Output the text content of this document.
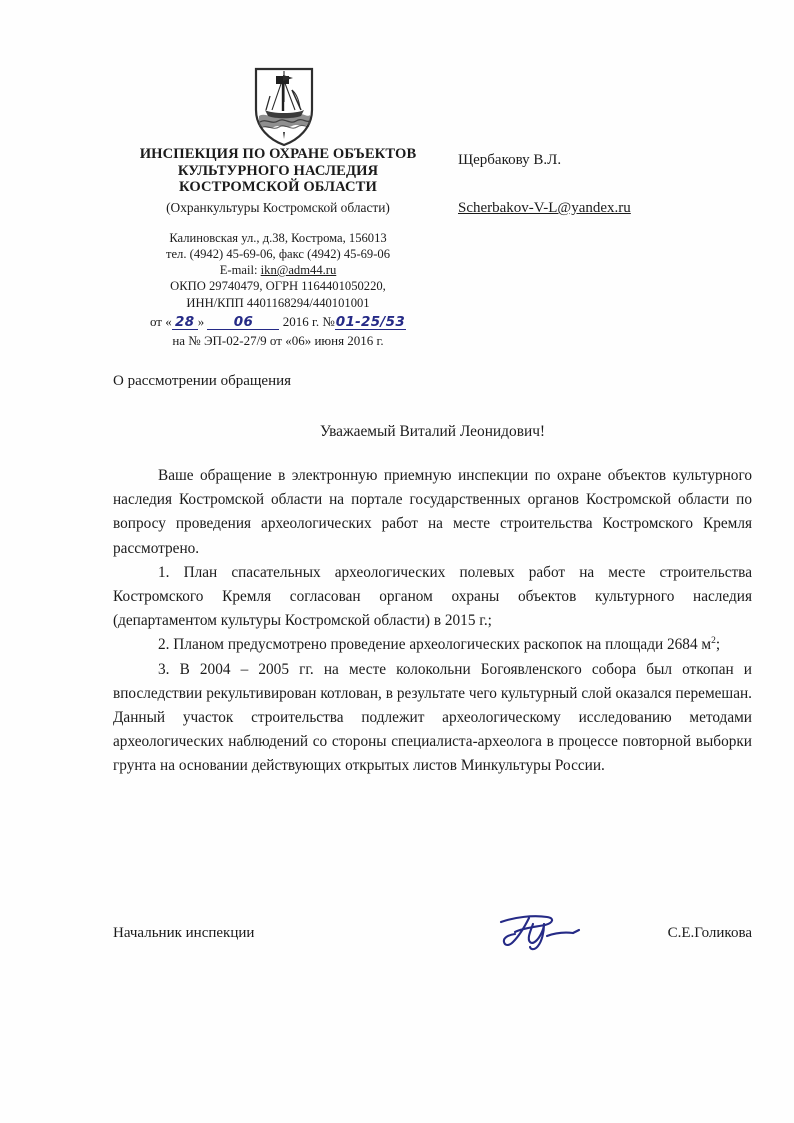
ИНСПЕКЦИЯ ПО ОХРАНЕ ОБЪЕКТОВ
КУЛЬТУРНОГО НАСЛЕДИЯ
КОСТРОМСКОЙ ОБЛАСТИ
(Охранкультуры Костромской области)
Калиновская ул., д.38, Кострома, 156013
тел. (4942) 45-69-06, факс (4942) 45-69-06
E-mail: ikn@adm44.ru
ОКПО 29740479, ОГРН 1164401050220,
ИНН/КПП 4401168294/440101001
от
« 28 »
	06
	2016 г.
№ 01-25/53
на № ЭП-02-27/9 от «06» июня 2016 г.
Щербакову В.Л.
Scherbakov-V-L@yandex.ru
О рассмотрении обращения
Уважаемый Виталий Леонидович!

Ваше обращение в электронную приемную инспекции по охране объектов культурного наследия Костромской области на портале государственных органов Костромской области по вопросу проведения археологических работ на месте строительства Костромского Кремля рассмотрено.

1. План спасательных археологических полевых работ на месте строительства Костромского Кремля согласован органом охраны объектов культурного наследия (департаментом культуры Костромской области) в 2015 г.;

2. Планом предусмотрено проведение археологических раскопок на площади 2684 $м^2$;

3. В 2004 – 2005 гг. на месте колокольни Богоявленского собора был откопан и впоследствии рекультивирован котлован, в результате чего культурный слой оказался перемешан. Данный участок строительства подлежит археологическому исследованию методами археологических наблюдений со стороны специалиста-археолога в процессе повторной выборки грунта на основании действующих открытых листов Минкультуры России.

Начальник инспекции	С.Е.Голикова
